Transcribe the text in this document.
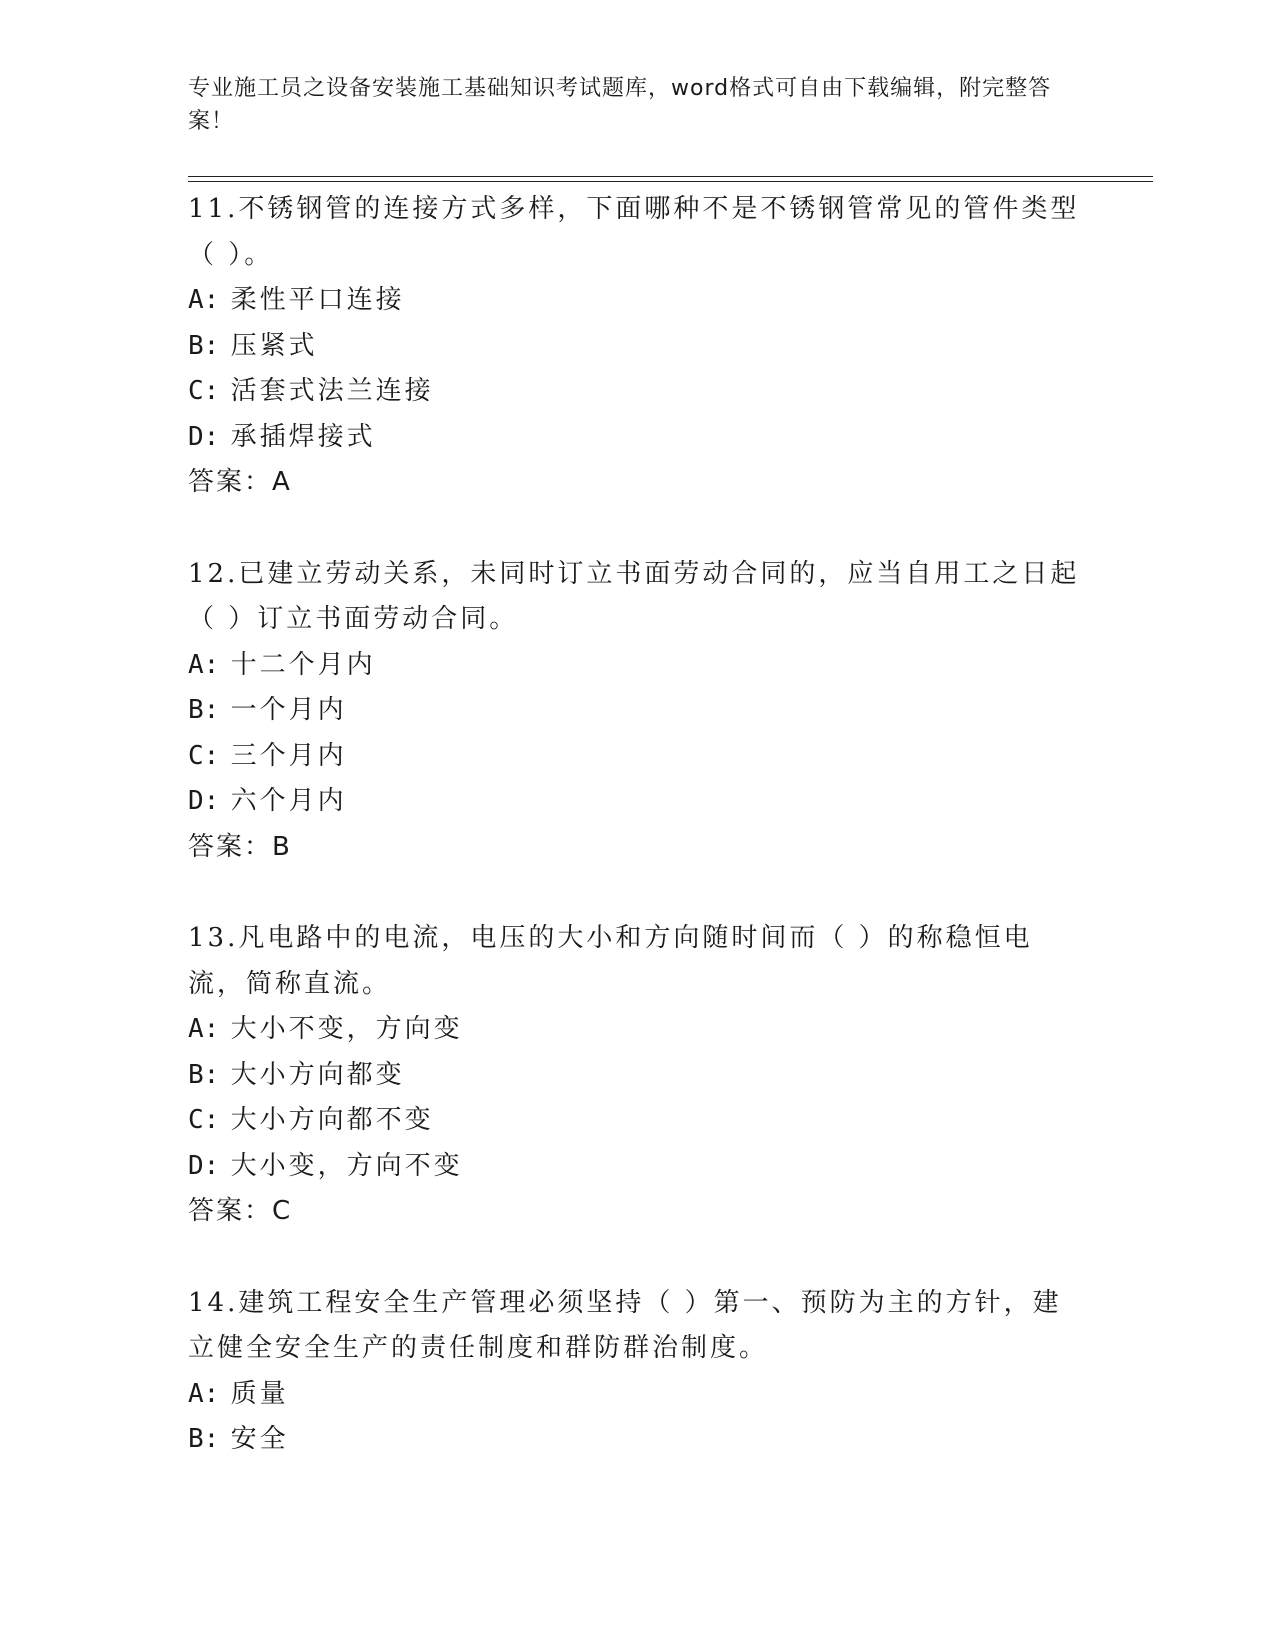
专业施工员之设备安装施工基础知识考试题库，word格式可自由下载编辑，附完整答案！

11.不锈钢管的连接方式多样，下面哪种不是不锈钢管常见的管件类型（ ）。

A: 柔性平口连接
B: 压紧式
C: 活套式法兰连接
D: 承插焊接式
答案：A

12.已建立劳动关系，未同时订立书面劳动合同的，应当自用工之日起（ ）订立书面劳动合同。

A: 十二个月内
B: 一个月内
C: 三个月内
D: 六个月内
答案：B

13.凡电路中的电流，电压的大小和方向随时间而（ ）的称稳恒电流，简称直流。

A: 大小不变，方向变
B: 大小方向都变
C: 大小方向都不变
D: 大小变，方向不变
答案：C

14.建筑工程安全生产管理必须坚持（ ）第一、预防为主的方针，建立健全安全生产的责任制度和群防群治制度。

A: 质量
B: 安全
